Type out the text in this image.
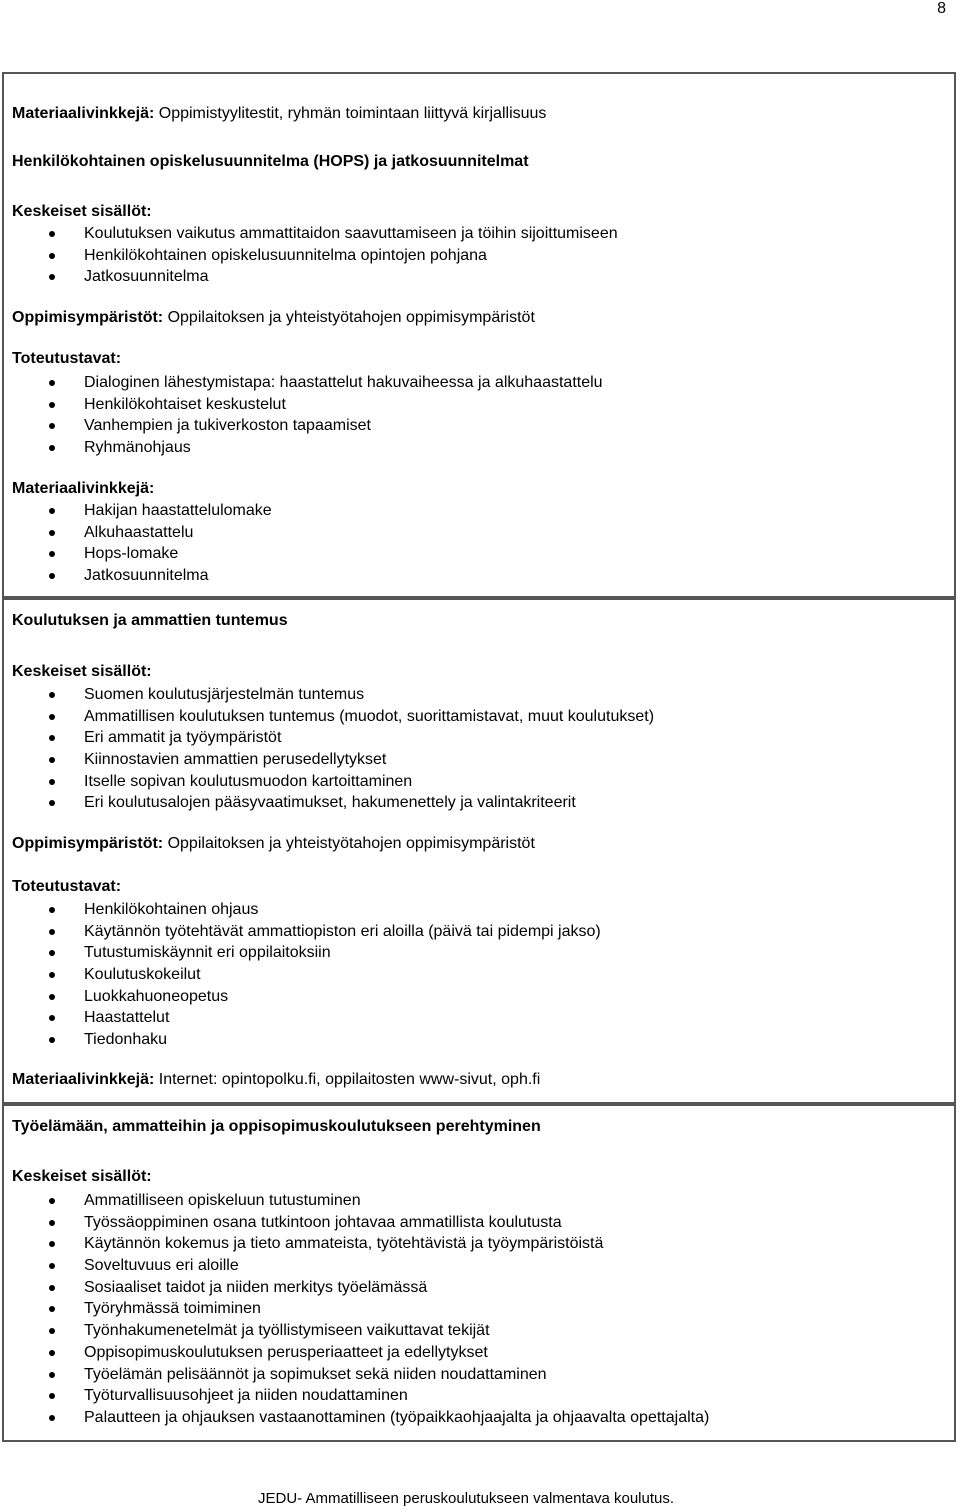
8
Materiaalivinkkejä: Oppimistyylitestit, ryhmän toimintaan liittyvä kirjallisuus
Henkilökohtainen opiskelusuunnitelma (HOPS) ja jatkosuunnitelmat
Keskeiset sisällöt:
Koulutuksen vaikutus ammattitaidon saavuttamiseen ja töihin sijoittumiseen
Henkilökohtainen opiskelusuunnitelma opintojen pohjana
Jatkosuunnitelma
Oppimisympäristöt: Oppilaitoksen ja yhteistyötahojen oppimisympäristöt
Toteutustavat:
Dialoginen lähestymistapa: haastattelut hakuvaiheessa ja alkuhaastattelu
Henkilökohtaiset keskustelut
Vanhempien ja tukiverkoston tapaamiset
Ryhmänohjaus
Materiaalivinkkejä:
Hakijan haastattelulomake
Alkuhaastattelu
Hops-lomake
Jatkosuunnitelma
Koulutuksen ja ammattien tuntemus
Keskeiset sisällöt:
Suomen koulutusjärjestelmän tuntemus
Ammatillisen koulutuksen tuntemus (muodot, suorittamistavat, muut koulutukset)
Eri ammatit ja työympäristöt
Kiinnostavien ammattien perusedellytykset
Itselle sopivan koulutusmuodon kartoittaminen
Eri koulutusalojen pääsyvaatimukset, hakumenettely ja valintakriteerit
Oppimisympäristöt: Oppilaitoksen ja yhteistyötahojen oppimisympäristöt
Toteutustavat:
Henkilökohtainen ohjaus
Käytännön työtehtävät ammattiopiston eri aloilla (päivä tai pidempi jakso)
Tutustumiskäynnit eri oppilaitoksiin
Koulutuskokeilut
Luokkahuoneopetus
Haastattelut
Tiedonhaku
Materiaalivinkkejä: Internet: opintopolku.fi, oppilaitosten www-sivut, oph.fi
Työelämään, ammatteihin ja oppisopimuskoulutukseen perehtyminen
Keskeiset sisällöt:
Ammatilliseen opiskeluun tutustuminen
Työssäoppiminen osana tutkintoon johtavaa ammatillista koulutusta
Käytännön kokemus ja tieto ammateista, työtehtävistä ja työympäristöistä
Soveltuvuus eri aloille
Sosiaaliset taidot ja niiden merkitys työelämässä
Työryhmässä toimiminen
Työnhakumenetelmät ja työllistymiseen vaikuttavat tekijät
Oppisopimuskoulutuksen perusperiaatteet ja edellytykset
Työelämän pelisäännöt ja sopimukset sekä niiden noudattaminen
Työturvallisuusohjeet ja niiden noudattaminen
Palautteen ja ohjauksen vastaanottaminen (työpaikkaohjaajalta ja ohjaavalta opettajalta)
JEDU- Ammatilliseen peruskoulutukseen valmentava koulutus.
